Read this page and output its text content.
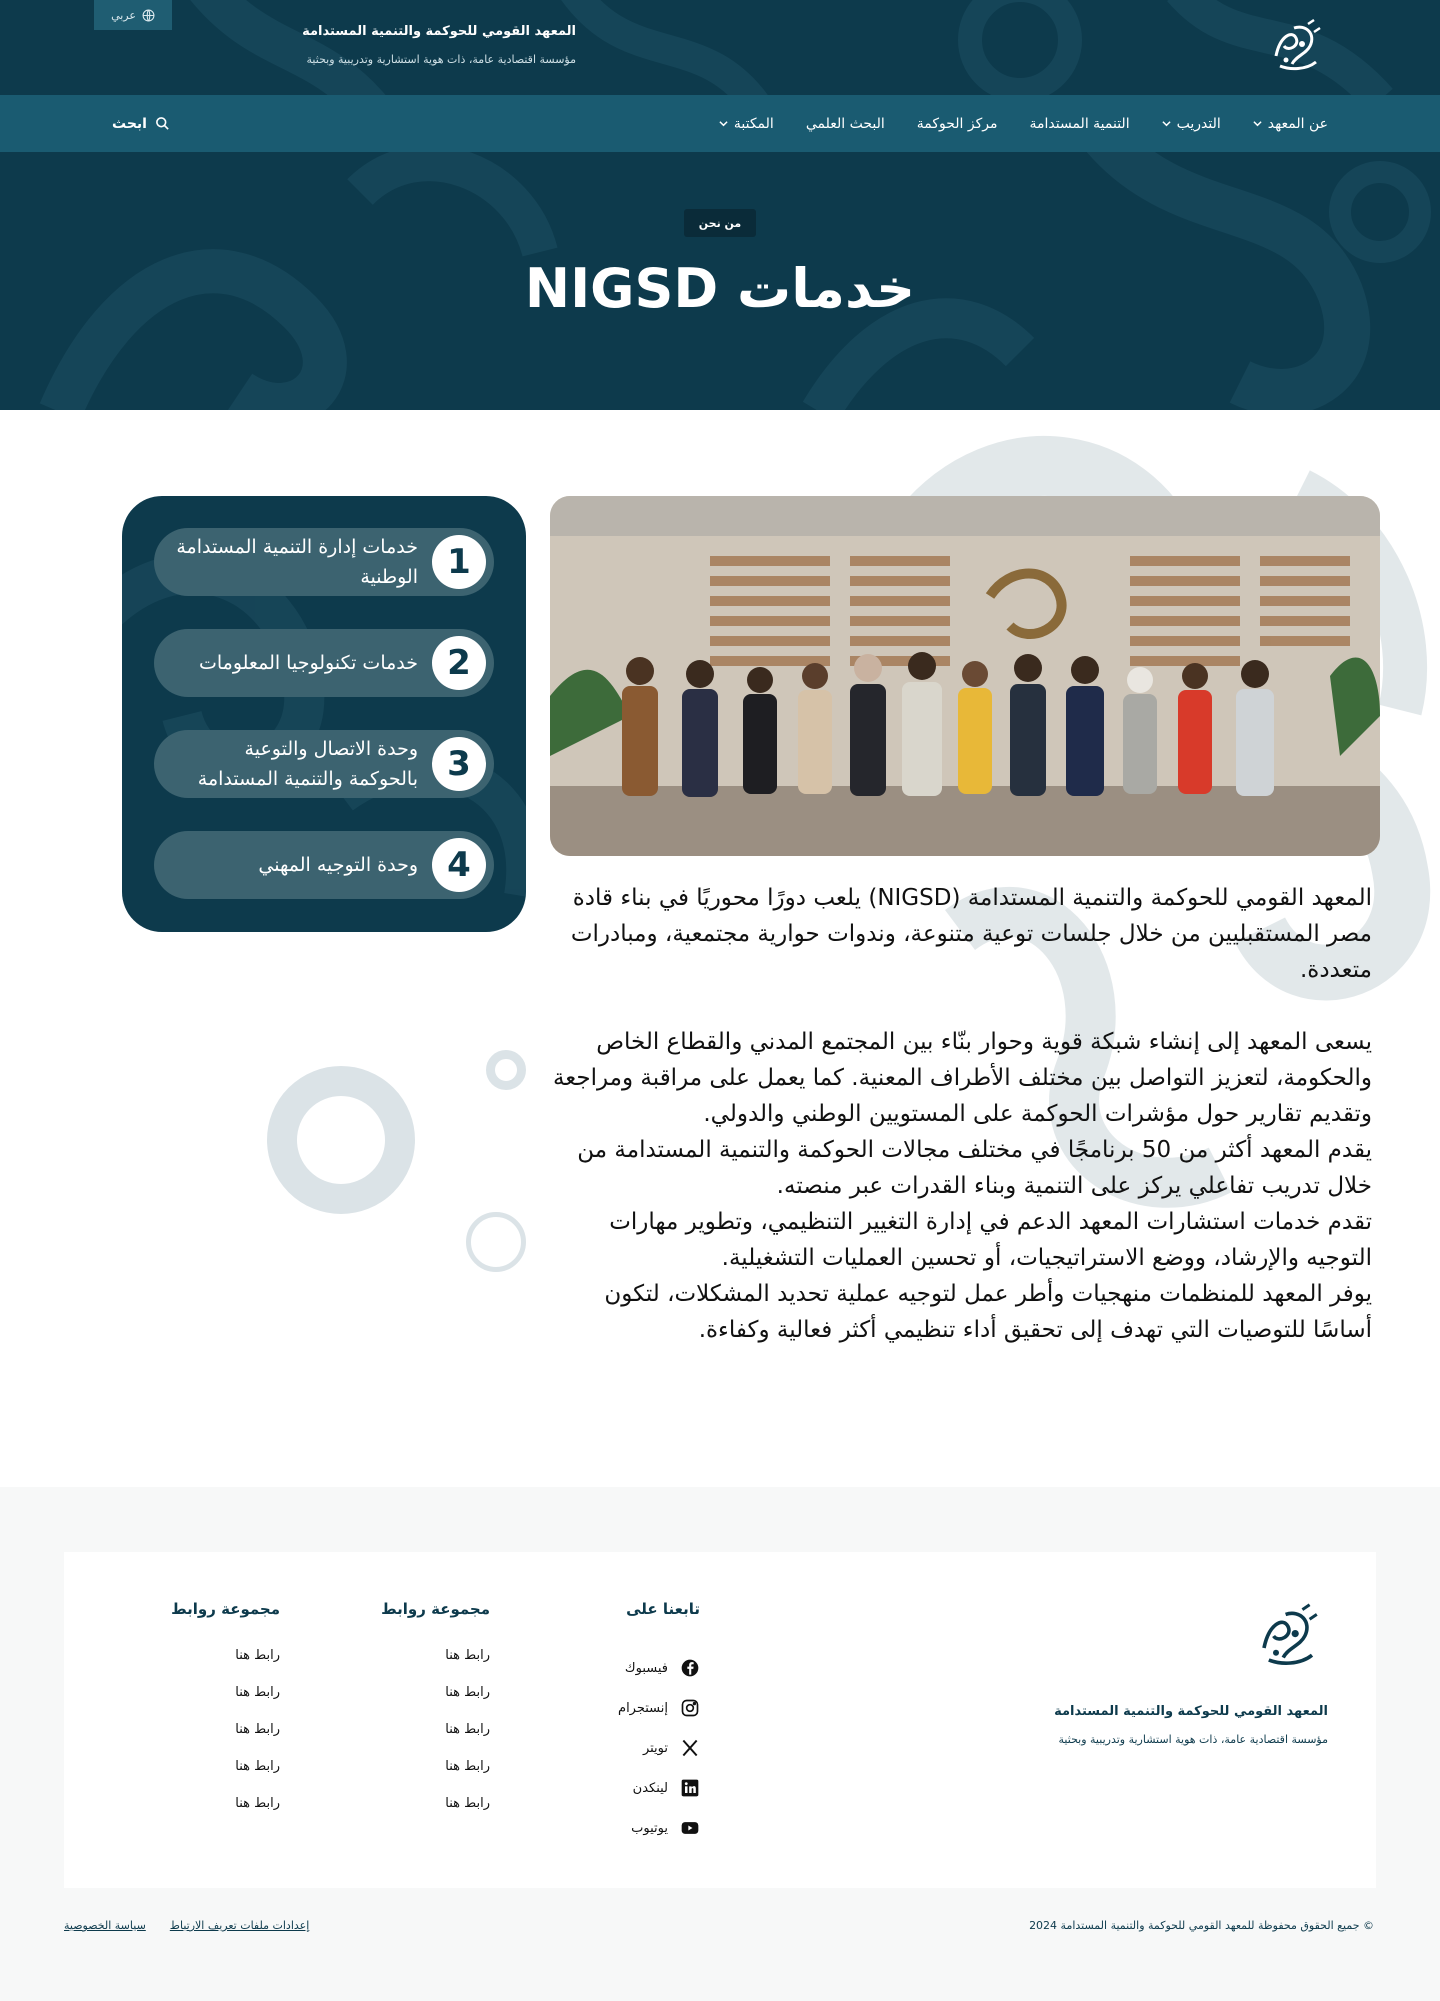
عربي
المعهد القومي للحوكمة والتنمية المستدامة
مؤسسة اقتصادية عامة، ذات هوية استشارية وتدريبية وبحثية
عن المعهد
التدريب
التنمية المستدامة
مركز الحوكمة
البحث العلمي
المكتبة
ابحث
من نحن
خدمات NIGSD
1
خدمات إدارة التنمية المستدامة الوطنية
2
خدمات تكنولوجيا المعلومات
3
وحدة الاتصال والتوعية بالحوكمة والتنمية المستدامة
4
وحدة التوجيه المهني

المعهد القومي للحوكمة والتنمية المستدامة (NIGSD) يلعب دورًا محوريًا في بناء قادة مصر المستقبليين من خلال جلسات توعية متنوعة، وندوات حوارية مجتمعية، ومبادرات متعددة.

يسعى المعهد إلى إنشاء شبكة قوية وحوار بنّاء بين المجتمع المدني والقطاع الخاص والحكومة، لتعزيز التواصل بين مختلف الأطراف المعنية. كما يعمل على مراقبة ومراجعة وتقديم تقارير حول مؤشرات الحوكمة على المستويين الوطني والدولي.

يقدم المعهد أكثر من 50 برنامجًا في مختلف مجالات الحوكمة والتنمية المستدامة من خلال تدريب تفاعلي يركز على التنمية وبناء القدرات عبر منصته.

تقدم خدمات استشارات المعهد الدعم في إدارة التغيير التنظيمي، وتطوير مهارات التوجيه والإرشاد، ووضع الاستراتيجيات، أو تحسين العمليات التشغيلية.

يوفر المعهد للمنظمات منهجيات وأطر عمل لتوجيه عملية تحديد المشكلات، لتكون أساسًا للتوصيات التي تهدف إلى تحقيق أداء تنظيمي أكثر فعالية وكفاءة.

المعهد القومي للحوكمة والتنمية المستدامة
مؤسسة اقتصادية عامة، ذات هوية استشارية وتدريبية وبحثية
تابعنا على
فيسبوك
إنستجرام
تويتر
لينكدن
يوتيوب
مجموعة روابط
رابط هنا
رابط هنا
رابط هنا
رابط هنا
رابط هنا
مجموعة روابط
رابط هنا
رابط هنا
رابط هنا
رابط هنا
رابط هنا
© جميع الحقوق محفوظة للمعهد القومي للحوكمة والتنمية المستدامة 2024
إعدادات ملفات تعريف الارتباط
سياسة الخصوصية
